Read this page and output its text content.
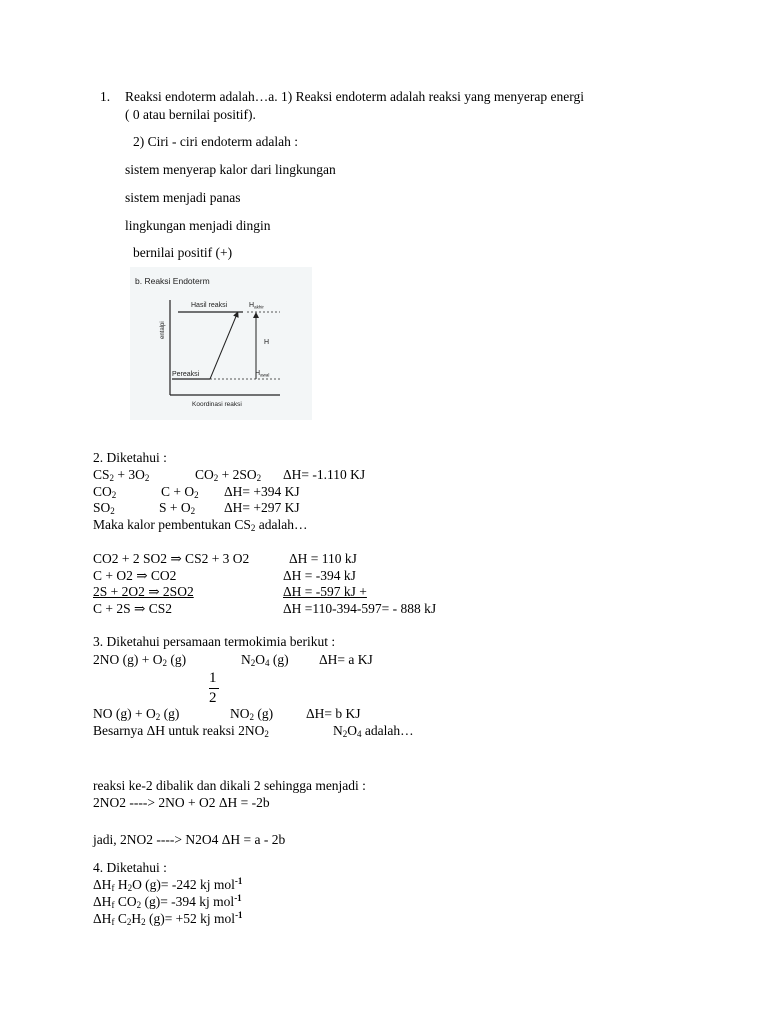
1. Reaksi endoterm adalah…a. 1) Reaksi endoterm adalah reaksi yang menyerap energi
( 0 atau bernilai positif).
2) Ciri - ciri endoterm adalah :
sistem menyerap kalor dari lingkungan
sistem menjadi panas
lingkungan menjadi dingin
bernilai positif (+)
b. Reaksi Endoterm
entalpi
Koordinasi reaksi
Hasil reaksi	$H_{akhir}$
Pereaksi	$H_{awal}$
H
2. Diketahui :
$CS_2 + 3O_2$	$CO_2 + 2SO_2$ ΔH= -1.110 KJ
$CO_2$	$C + O_2$ ΔH= +394 KJ
$SO_2$	$S + O_2$ ΔH= +297 KJ
Maka kalor pembentukan $CS_2$ adalah…
CO2 + 2 SO2 ⇒ CS2 + 3 O2	ΔH = 110 kJ
C + O2 ⇒ CO2	ΔH = -394 kJ
2S + 2O2 ⇒ 2SO2	ΔH = -597 kJ +
C + 2S ⇒ CS2	ΔH =110-394-597= - 888 kJ
3. Diketahui persamaan termokimia berikut :
2NO $(g) + O_2$ (g)	$N_2O_4$ (g) ΔH= a KJ
1
2
NO $(g) + O_2$ (g)	$NO_2$ (g) ΔH= b KJ
Besarnya ΔH untuk reaksi $2NO_2$	$N_2O_4$ adalah…
reaksi ke-2 dibalik dan dikali 2 sehingga menjadi :
2NO2 ----> 2NO + O2 ΔH = -2b
jadi, 2NO2 ----> N2O4 ΔH = a - 2b
4. Diketahui :
$\Delta H_f$ $H_2O$ (g)= -242 kj mol$^{-1}$
$\Delta H_f$ $CO_2$ (g)= -394 kj mol$^{-1}$
$\Delta H_f$ $C_2H_2$ (g)= +52 kj mol$^{-1}$
